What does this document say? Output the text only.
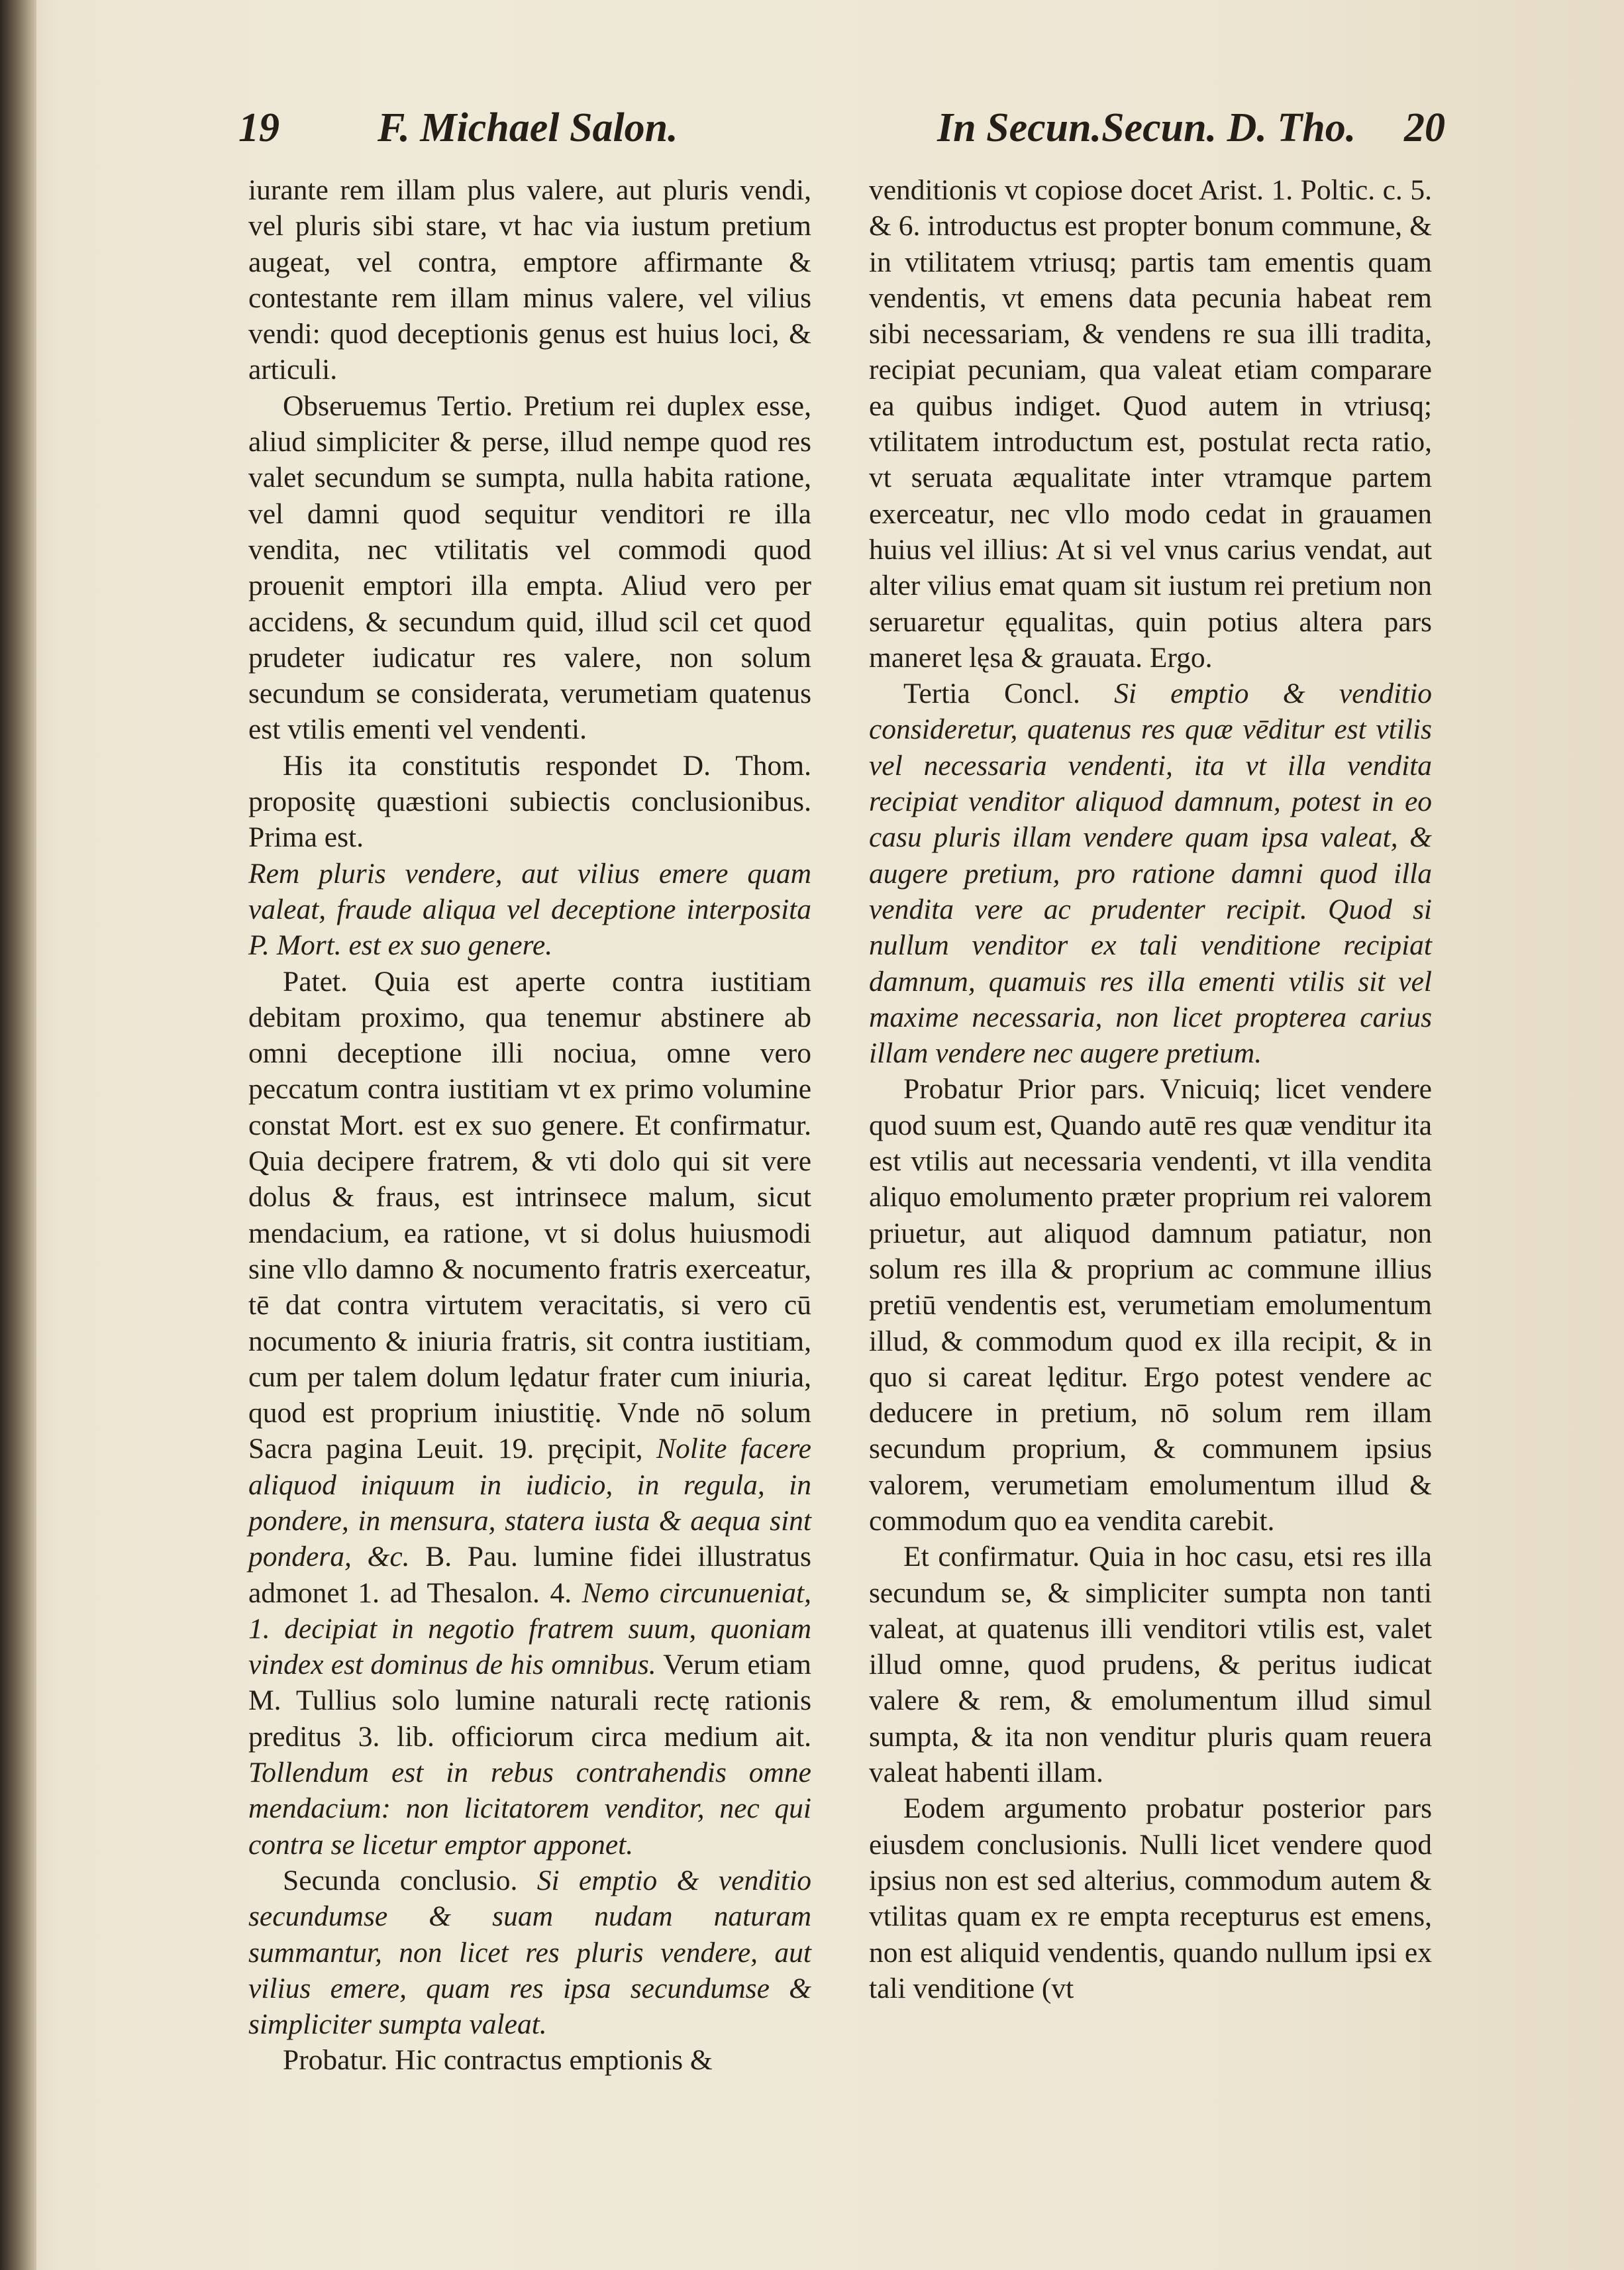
19 F. Michael Salon.	In Secun.Secun. D. Tho. 20

iurante rem illam plus valere, aut pluris vendi, vel pluris sibi stare, vt hac via iustum pretium augeat, vel contra, emptore affirmante & contestante rem illam minus valere, vel vilius vendi: quod deceptionis genus est huius loci, & articuli.

Obseruemus Tertio. Pretium rei duplex esse, aliud simpliciter & perse, illud nempe quod res valet secundum se sumpta, nulla habita ratione, vel damni quod sequitur venditori re illa vendita, nec vtilitatis vel commodi quod prouenit emptori illa empta. Aliud vero per accidens, & secundum quid, illud scil cet quod prudeter iudicatur res valere, non solum secundum se considerata, verumetiam quatenus est vtilis ementi vel vendenti.

His ita constitutis respondet D. Thom. propositę quæstioni subiectis conclusionibus. Prima est.

Rem pluris vendere, aut vilius emere quam valeat, fraude aliqua vel deceptione interposita P. Mort. est ex suo genere.

Patet. Quia est aperte contra iustitiam debitam proximo, qua tenemur abstinere ab omni deceptione illi nociua, omne vero peccatum contra iustitiam vt ex primo volumine constat Mort. est ex suo genere. Et confirmatur. Quia decipere fratrem, & vti dolo qui sit vere dolus & fraus, est intrinsece malum, sicut mendacium, ea ratione, vt si dolus huiusmodi sine vllo damno & nocumento fratris exerceatur, tē dat contra virtutem veracitatis, si vero cū nocumento & iniuria fratris, sit contra iustitiam, cum per talem dolum lędatur frater cum iniuria, quod est proprium iniustitię. Vnde nō solum Sacra pagina Leuit. 19. pręcipit, Nolite facere aliquod iniquum in iudicio, in regula, in pondere, in mensura, statera iusta & aequa sint pondera, &c. B. Pau. lumine fidei illustratus admonet 1. ad Thesalon. 4. Nemo circunueniat, 1. decipiat in negotio fratrem suum, quoniam vindex est dominus de his omnibus. Verum etiam M. Tullius solo lumine naturali rectę rationis preditus 3. lib. officiorum circa medium ait. Tollendum est in rebus contrahendis omne mendacium: non licitatorem venditor, nec qui contra se licetur emptor apponet.

Secunda conclusio. Si emptio & venditio secundumse & suam nudam naturam summantur, non licet res pluris vendere, aut vilius emere, quam res ipsa secundumse & simpliciter sumpta valeat.

Probatur. Hic contractus emptionis &

venditionis vt copiose docet Arist. 1. Poltic. c. 5. & 6. introductus est propter bonum commune, & in vtilitatem vtriusq; partis tam ementis quam vendentis, vt emens data pecunia habeat rem sibi necessariam, & vendens re sua illi tradita, recipiat pecuniam, qua valeat etiam comparare ea quibus indiget. Quod autem in vtriusq; vtilitatem introductum est, postulat recta ratio, vt seruata æqualitate inter vtramque partem exerceatur, nec vllo modo cedat in grauamen huius vel illius: At si vel vnus carius vendat, aut alter vilius emat quam sit iustum rei pretium non seruaretur ęqualitas, quin potius altera pars maneret lęsa & grauata. Ergo.

Tertia Concl. Si emptio & venditio consideretur, quatenus res quæ vēditur est vtilis vel necessaria vendenti, ita vt illa vendita recipiat venditor aliquod damnum, potest in eo casu pluris illam vendere quam ipsa valeat, & augere pretium, pro ratione damni quod illa vendita vere ac prudenter recipit. Quod si nullum venditor ex tali venditione recipiat damnum, quamuis res illa ementi vtilis sit vel maxime necessaria, non licet propterea carius illam vendere nec augere pretium.

Probatur Prior pars. Vnicuiq; licet vendere quod suum est, Quando autē res quæ venditur ita est vtilis aut necessaria vendenti, vt illa vendita aliquo emolumento præter proprium rei valorem priuetur, aut aliquod damnum patiatur, non solum res illa & proprium ac commune illius pretiū vendentis est, verumetiam emolumentum illud, & commodum quod ex illa recipit, & in quo si careat lęditur. Ergo potest vendere ac deducere in pretium, nō solum rem illam secundum proprium, & communem ipsius valorem, verumetiam emolumentum illud & commodum quo ea vendita carebit.

Et confirmatur. Quia in hoc casu, etsi res illa secundum se, & simpliciter sumpta non tanti valeat, at quatenus illi venditori vtilis est, valet illud omne, quod prudens, & peritus iudicat valere & rem, & emolumentum illud simul sumpta, & ita non venditur pluris quam reuera valeat habenti illam.

Eodem argumento probatur posterior pars eiusdem conclusionis. Nulli licet vendere quod ipsius non est sed alterius, commodum autem & vtilitas quam ex re empta recepturus est emens, non est aliquid vendentis, quando nullum ipsi ex tali venditione (vt
